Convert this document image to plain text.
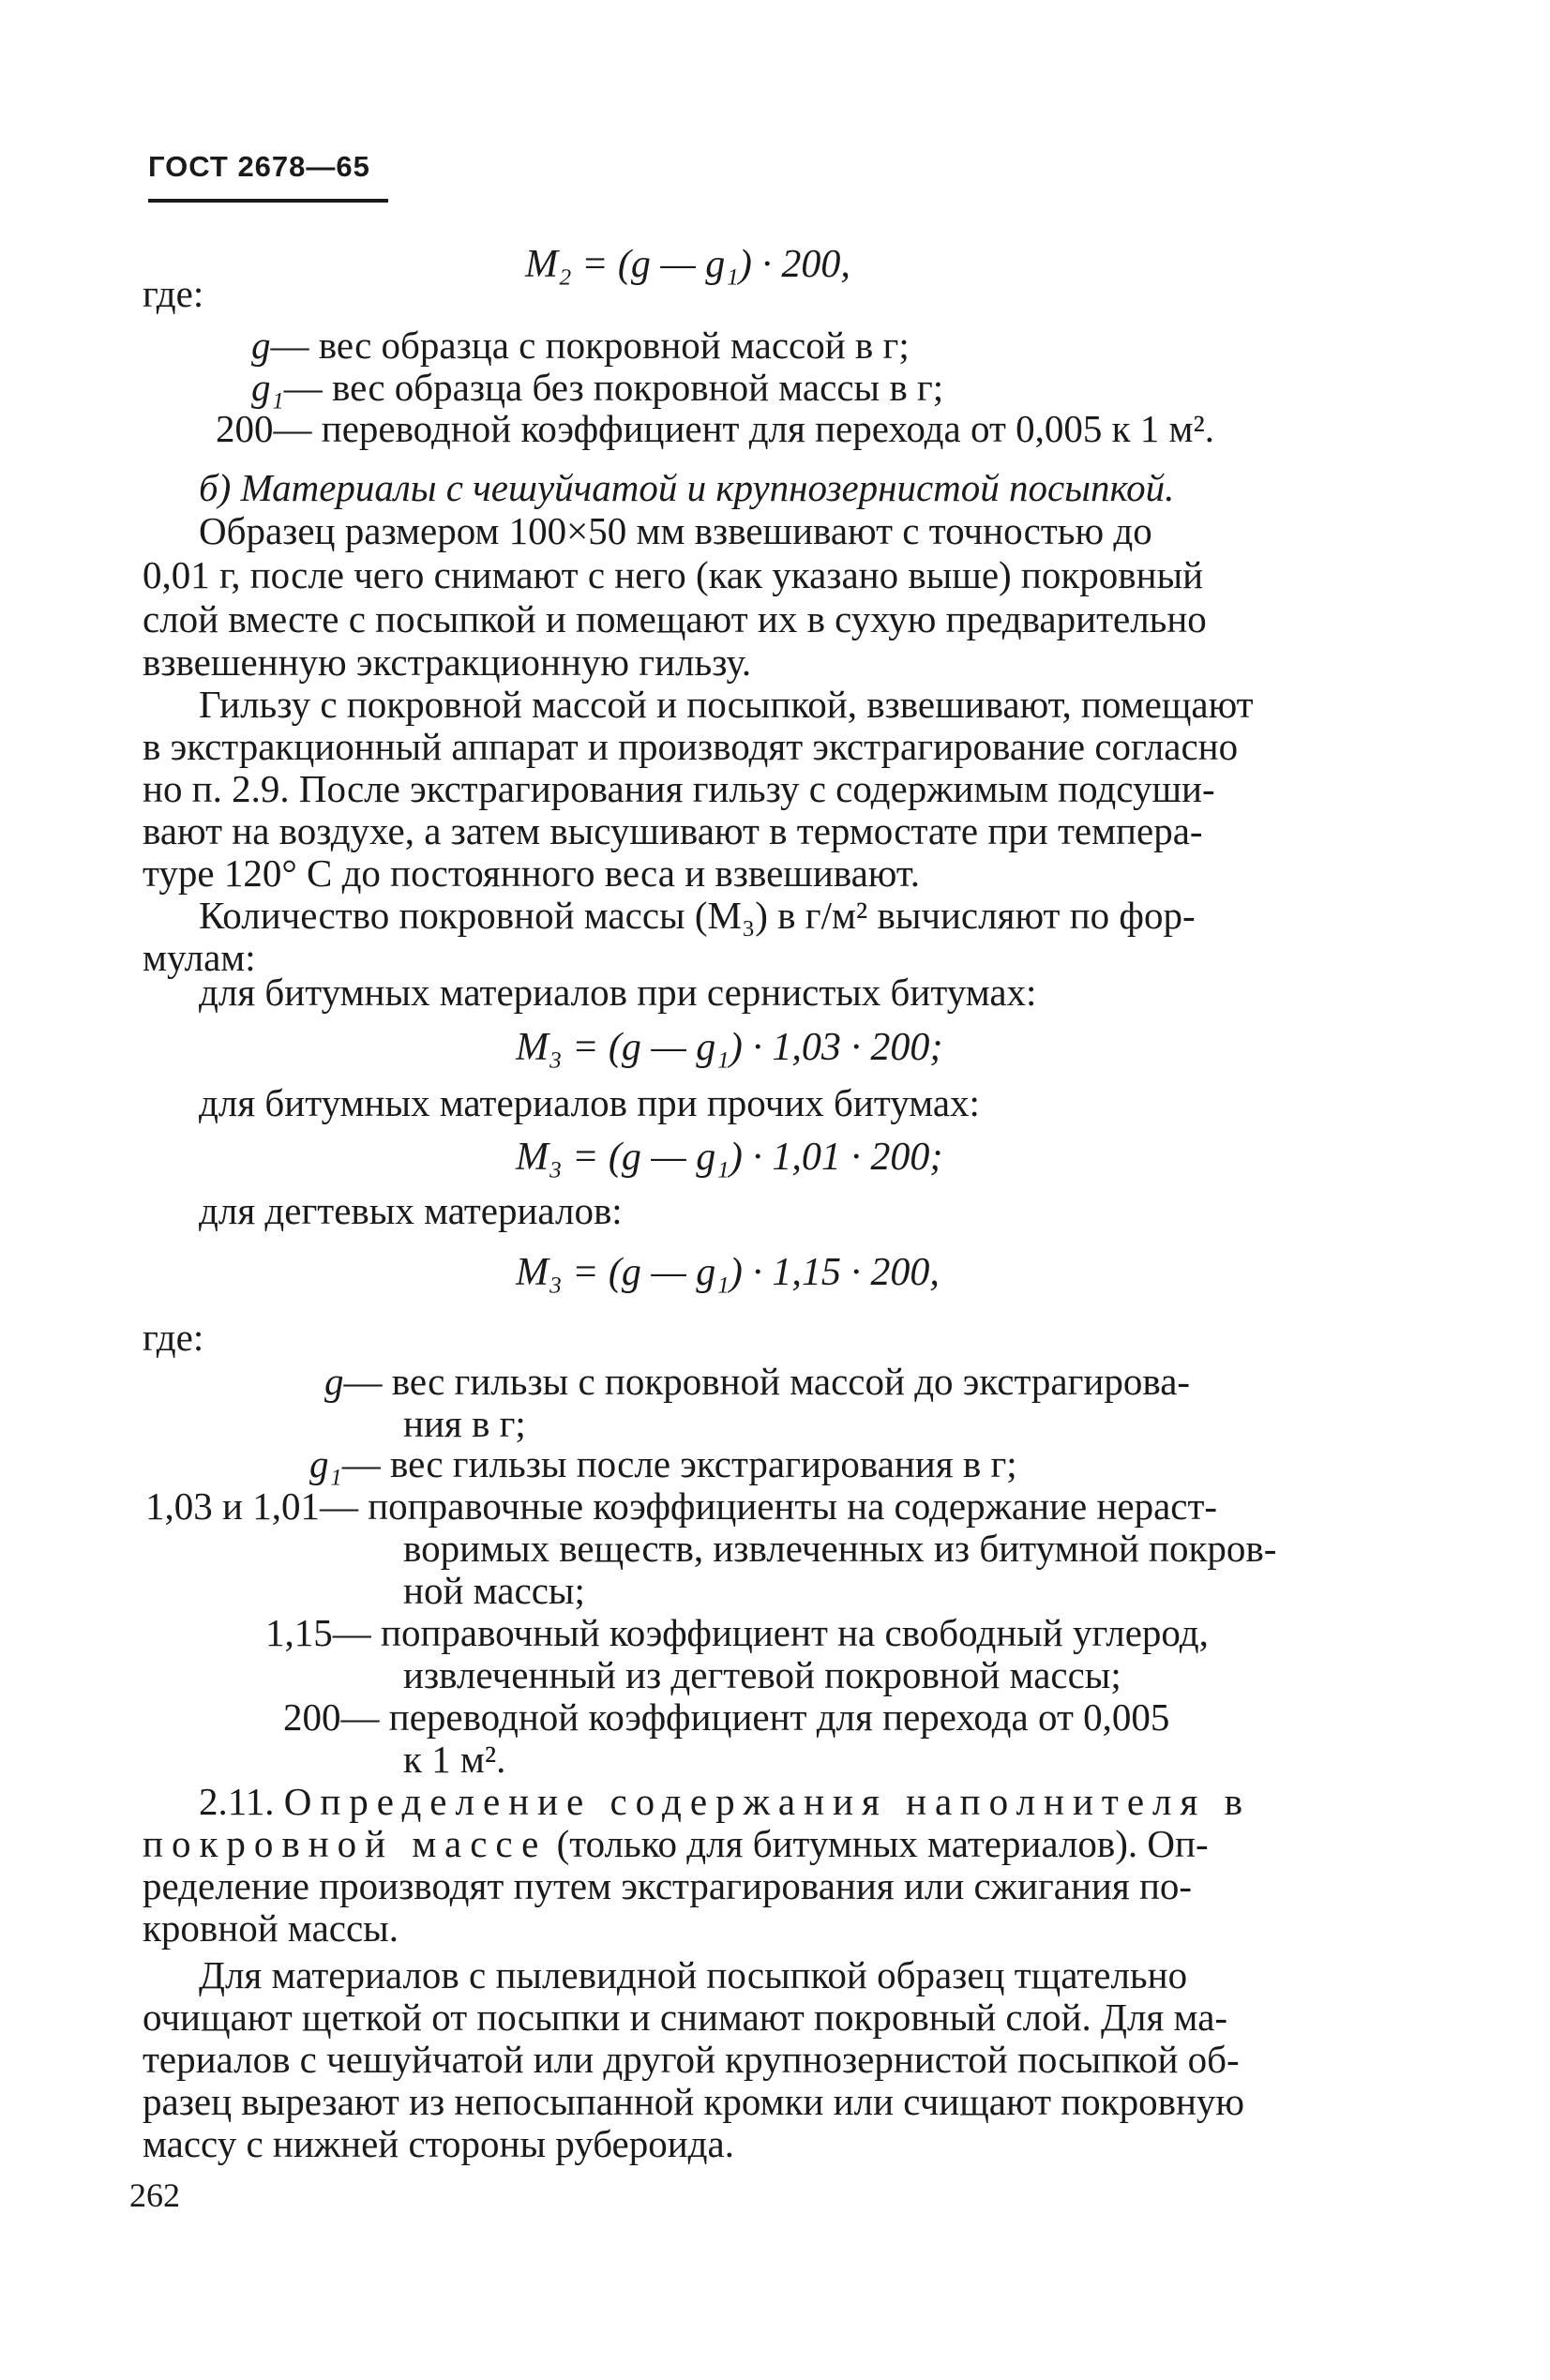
ГОСТ 2678—65
M₂ = (g — g₁) · 200,
где:
g— вес образца с покровной массой в г;
g₁— вес образца без покровной массы в г;
200— переводной коэффициент для перехода от 0,005 к 1 м².
б) Материалы с чешуйчатой и крупнозернистой посыпкой.
Образец размером 100×50 мм взвешивают с точностью до
0,01 г, после чего снимают с него (как указано выше) покровный
слой вместе с посыпкой и помещают их в сухую предварительно
взвешенную экстракционную гильзу.
Гильзу с покровной массой и посыпкой, взвешивают, помещают
в экстракционный аппарат и производят экстрагирование согласно
но п. 2.9. После экстрагирования гильзу с содержимым подсуши-
вают на воздухе, а затем высушивают в термостате при темпера-
туре 120° С до постоянного веса и взвешивают.
Количество покровной массы (M₃) в г/м² вычисляют по фор-
мулам:
для битумных материалов при сернистых битумах:
M₃ = (g — g₁) · 1,03 · 200;
для битумных материалов при прочих битумах:
M₃ = (g — g₁) · 1,01 · 200;
для дегтевых материалов:
M₃ = (g — g₁) · 1,15 · 200,
где:
g— вес гильзы с покровной массой до экстрагирова-
ния в г;
g₁— вес гильзы после экстрагирования в г;
1,03 и 1,01— поправочные коэффициенты на содержание нераст-
воримых веществ, извлеченных из битумной покров-
ной массы;
1,15— поправочный коэффициент на свободный углерод,
извлеченный из дегтевой покровной массы;
200— переводной коэффициент для перехода от 0,005
к 1 м².
2.11. Определение содержания наполнителя в
покровной массе (только для битумных материалов). Оп-
ределение производят путем экстрагирования или сжигания по-
кровной массы.
Для материалов с пылевидной посыпкой образец тщательно
очищают щеткой от посыпки и снимают покровный слой. Для ма-
териалов с чешуйчатой или другой крупнозернистой посыпкой об-
разец вырезают из непосыпанной кромки или счищают покровную
массу с нижней стороны рубероида.
262
